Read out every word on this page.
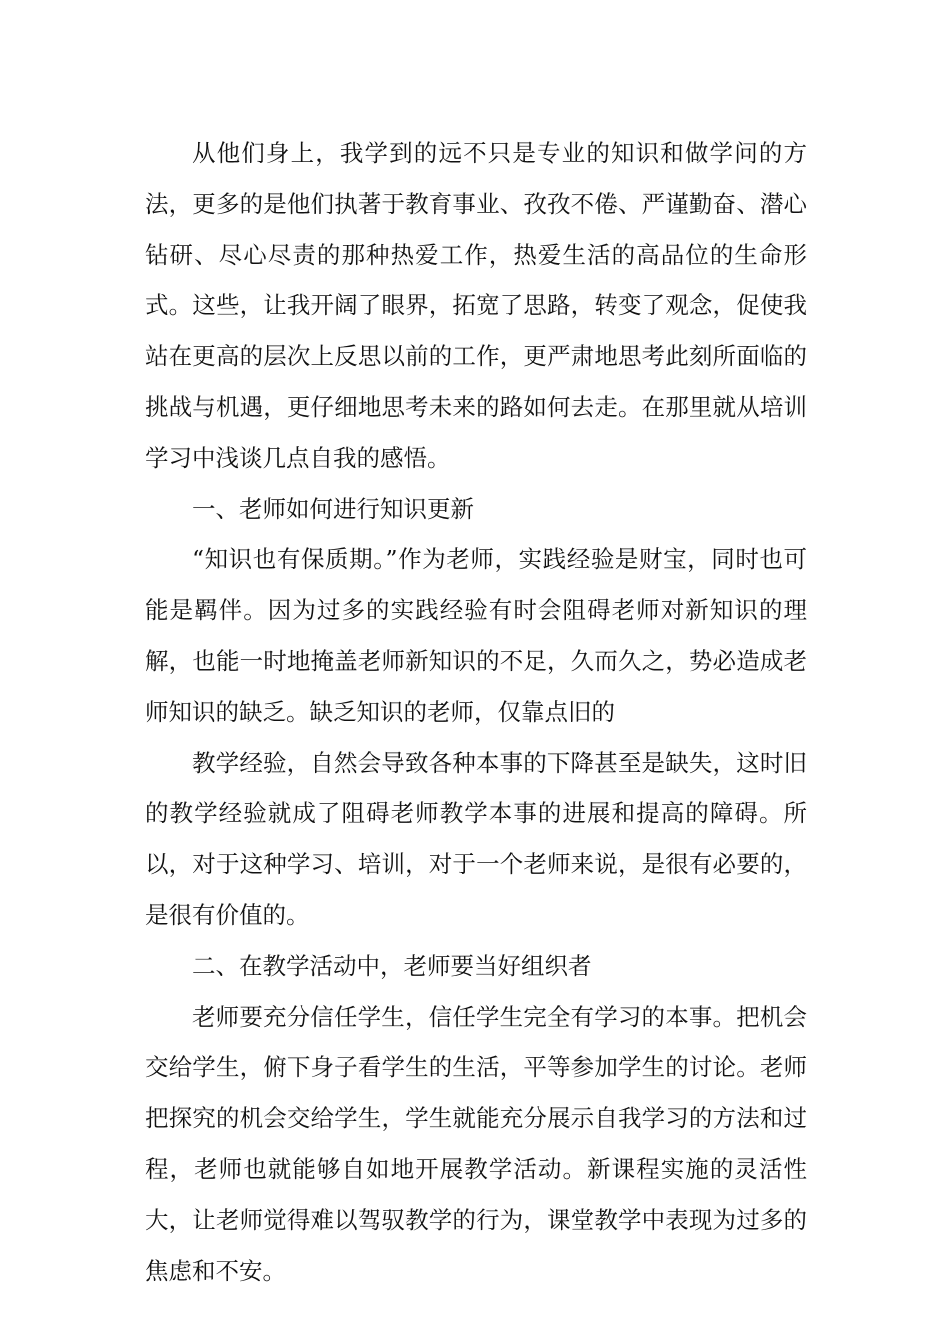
从他们身上，我学到的远不只是专业的知识和做学问的方法，更多的是他们执著于教育事业、孜孜不倦、严谨勤奋、潜心钻研、尽心尽责的那种热爱工作，热爱生活的高品位的生命形式。这些，让我开阔了眼界，拓宽了思路，转变了观念，促使我站在更高的层次上反思以前的工作，更严肃地思考此刻所面临的挑战与机遇，更仔细地思考未来的路如何去走。在那里就从培训学习中浅谈几点自我的感悟。

一、老师如何进行知识更新

“知识也有保质期。”作为老师，实践经验是财宝，同时也可能是羁伴。因为过多的实践经验有时会阻碍老师对新知识的理解，也能一时地掩盖老师新知识的不足，久而久之，势必造成老师知识的缺乏。缺乏知识的老师，仅靠点旧的

教学经验，自然会导致各种本事的下降甚至是缺失，这时旧的教学经验就成了阻碍老师教学本事的进展和提高的障碍。所以，对于这种学习、培训，对于一个老师来说，是很有必要的，是很有价值的。

二、在教学活动中，老师要当好组织者

老师要充分信任学生，信任学生完全有学习的本事。把机会交给学生，俯下身子看学生的生活，平等参加学生的讨论。老师把探究的机会交给学生，学生就能充分展示自我学习的方法和过程，老师也就能够自如地开展教学活动。新课程实施的灵活性大，让老师觉得难以驾驭教学的行为，课堂教学中表现为过多的焦虑和不安。
